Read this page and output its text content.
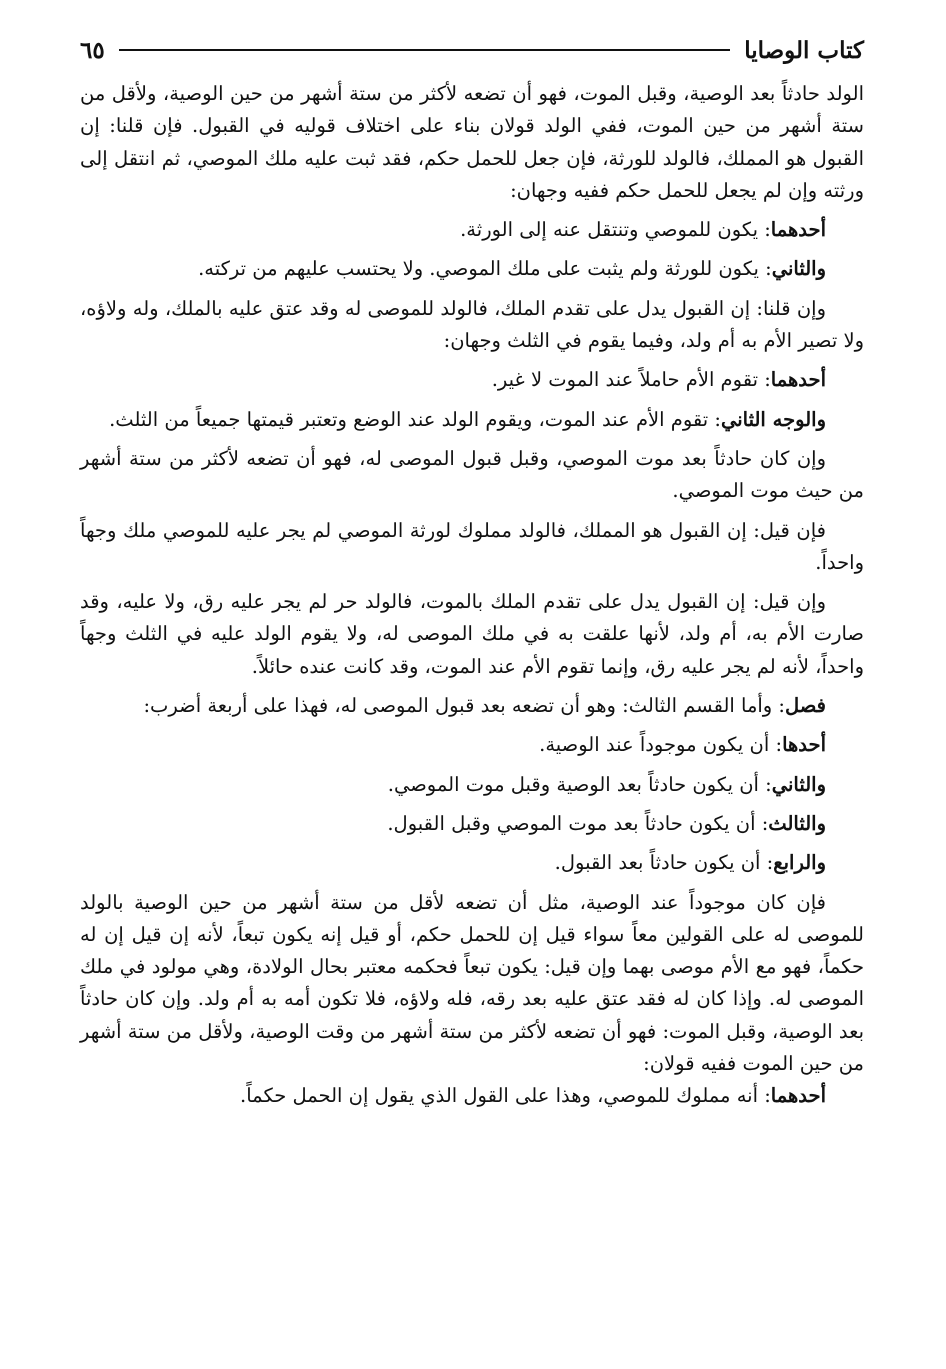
كتاب الوصايا
٦٥

الولد حادثاً بعد الوصية، وقبل الموت، فهو أن تضعه لأكثر من ستة أشهر من حين الوصية، ولأقل من ستة أشهر من حين الموت، ففي الولد قولان بناء على اختلاف قوليه في القبول. فإن قلنا: إن القبول هو المملك، فالولد للورثة، فإن جعل للحمل حكم، فقد ثبت عليه ملك الموصي، ثم انتقل إلى ورثته وإن لم يجعل للحمل حكم ففيه وجهان:

أحدهما: يكون للموصي وتنتقل عنه إلى الورثة.

والثاني: يكون للورثة ولم يثبت على ملك الموصي. ولا يحتسب عليهم من تركته.

وإن قلنا: إن القبول يدل على تقدم الملك، فالولد للموصى له وقد عتق عليه بالملك، وله ولاؤه، ولا تصير الأم به أم ولد، وفيما يقوم في الثلث وجهان:

أحدهما: تقوم الأم حاملاً عند الموت لا غير.

والوجه الثاني: تقوم الأم عند الموت، ويقوم الولد عند الوضع وتعتبر قيمتها جميعاً من الثلث.

وإن كان حادثاً بعد موت الموصي، وقبل قبول الموصى له، فهو أن تضعه لأكثر من ستة أشهر من حيث موت الموصي.

فإن قيل: إن القبول هو المملك، فالولد مملوك لورثة الموصي لم يجر عليه للموصي ملك وجهاً واحداً.

وإن قيل: إن القبول يدل على تقدم الملك بالموت، فالولد حر لم يجر عليه رق، ولا عليه، وقد صارت الأم به، أم ولد، لأنها علقت به في ملك الموصى له، ولا يقوم الولد عليه في الثلث وجهاً واحداً، لأنه لم يجر عليه رق، وإنما تقوم الأم عند الموت، وقد كانت عنده حائلاً.

فصل: وأما القسم الثالث: وهو أن تضعه بعد قبول الموصى له، فهذا على أربعة أضرب:

أحدها: أن يكون موجوداً عند الوصية.

والثاني: أن يكون حادثاً بعد الوصية وقبل موت الموصي.

والثالث: أن يكون حادثاً بعد موت الموصي وقبل القبول.

والرابع: أن يكون حادثاً بعد القبول.

فإن كان موجوداً عند الوصية، مثل أن تضعه لأقل من ستة أشهر من حين الوصية بالولد للموصى له على القولين معاً سواء قيل إن للحمل حكم، أو قيل إنه يكون تبعاً، لأنه إن قيل إن له حكماً، فهو مع الأم موصى بهما وإن قيل: يكون تبعاً فحكمه معتبر بحال الولادة، وهي مولود في ملك الموصى له. وإذا كان له فقد عتق عليه بعد رقه، فله ولاؤه، فلا تكون أمه به أم ولد. وإن كان حادثاً بعد الوصية، وقبل الموت: فهو أن تضعه لأكثر من ستة أشهر من وقت الوصية، ولأقل من ستة أشهر من حين الموت ففيه قولان:

أحدهما: أنه مملوك للموصي، وهذا على القول الذي يقول إن الحمل حكماً.
